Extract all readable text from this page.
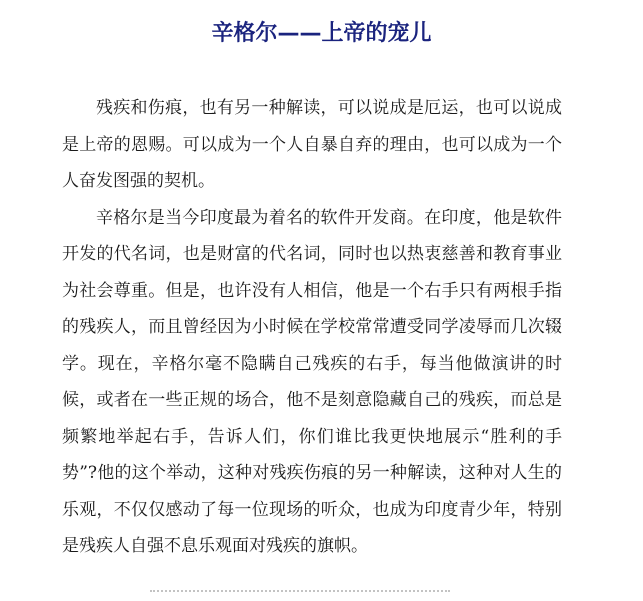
辛格尔——上帝的宠儿

残疾和伤痕，也有另一种解读，可以说成是厄运，也可以说成是上帝的恩赐。可以成为一个人自暴自弃的理由，也可以成为一个人奋发图强的契机。

辛格尔是当今印度最为着名的软件开发商。在印度，他是软件开发的代名词，也是财富的代名词，同时也以热衷慈善和教育事业为社会尊重。但是，也许没有人相信，他是一个右手只有两根手指的残疾人，而且曾经因为小时候在学校常常遭受同学凌辱而几次辍学。现在，辛格尔毫不隐瞒自己残疾的右手，每当他做演讲的时候，或者在一些正规的场合，他不是刻意隐藏自己的残疾，而总是频繁地举起右手，告诉人们，你们谁比我更快地展示“胜利的手势”?他的这个举动，这种对残疾伤痕的另一种解读，这种对人生的乐观，不仅仅感动了每一位现场的听众，也成为印度青少年，特别是残疾人自强不息乐观面对残疾的旗帜。
